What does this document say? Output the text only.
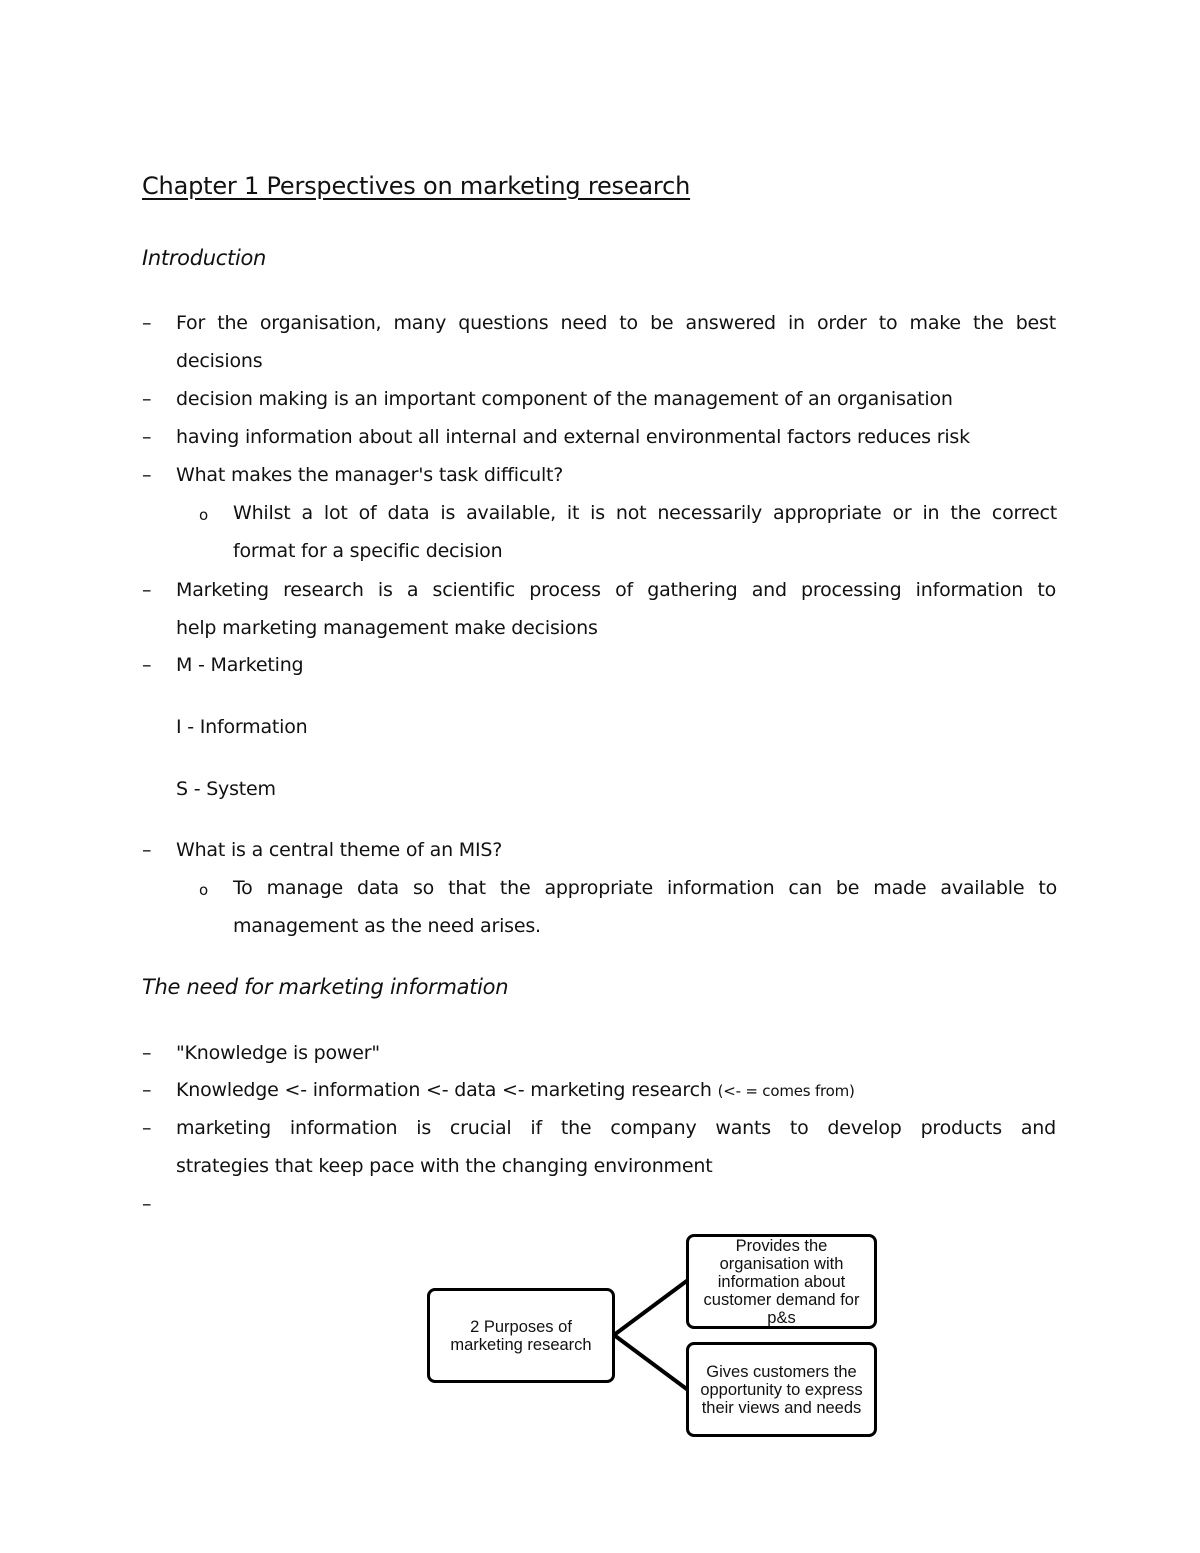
Chapter 1 Perspectives on marketing research
Introduction
– For the organisation, many questions need to be answered in order to make the best
decisions
– decision making is an important component of the management of an organisation
– having information about all internal and external environmental factors reduces risk
– What makes the manager's task difficult?
o Whilst a lot of data is available, it is not necessarily appropriate or in the correct
format for a specific decision
– Marketing research is a scientific process of gathering and processing information to
help marketing management make decisions
– M - Marketing
I - Information
S - System
– What is a central theme of an MIS?
o To manage data so that the appropriate information can be made available to
management as the need arises.
The need for marketing information
– "Knowledge is power"
– Knowledge <- information <- data <- marketing research (<- = comes from)
– marketing information is crucial if the company wants to develop products and
strategies that keep pace with the changing environment
–
2 Purposes of marketing research
Provides the organisation with information about customer demand for p&s
Gives customers the opportunity to express their views and needs
